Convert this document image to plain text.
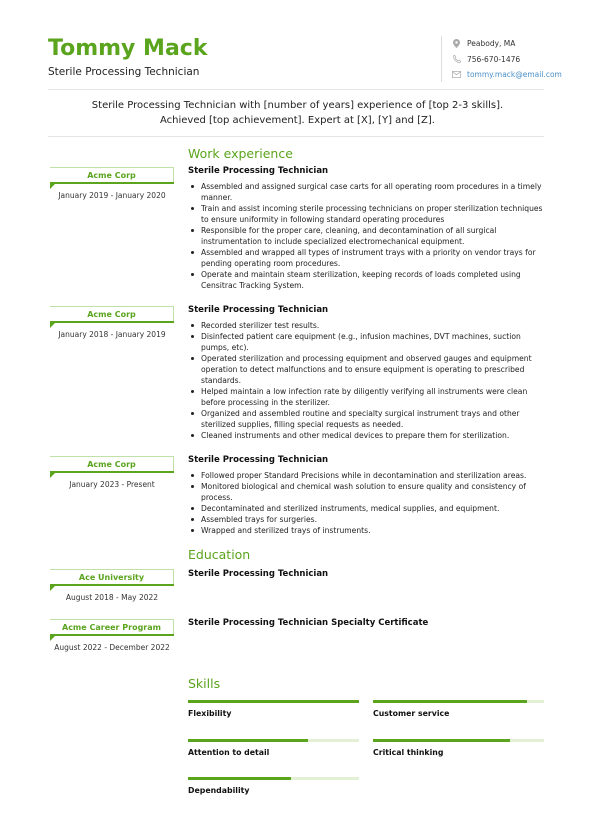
Tommy Mack
Sterile Processing Technician
Peabody, MA
756-670-1476
tommy.mack@email.com
Sterile Processing Technician with [number of years] experience of [top 2-3 skills]. Achieved [top achievement]. Expert at [X], [Y] and [Z].
Work experience
Acme Corp
January 2019 - January 2020
Sterile Processing Technician
Assembled and assigned surgical case carts for all operating room procedures in a timely manner.
Train and assist incoming sterile processing technicians on proper sterilization techniques to ensure uniformity in following standard operating procedures
Responsible for the proper care, cleaning, and decontamination of all surgical instrumentation to include specialized electromechanical equipment.
Assembled and wrapped all types of instrument trays with a priority on vendor trays for pending operating room procedures.
Operate and maintain steam sterilization, keeping records of loads completed using Censitrac Tracking System.
Acme Corp
January 2018 - January 2019
Sterile Processing Technician
Recorded sterilizer test results.
Disinfected patient care equipment (e.g., infusion machines, DVT machines, suction pumps, etc).
Operated sterilization and processing equipment and observed gauges and equipment operation to detect malfunctions and to ensure equipment is operating to prescribed standards.
Helped maintain a low infection rate by diligently verifying all instruments were clean before processing in the sterilizer.
Organized and assembled routine and specialty surgical instrument trays and other sterilized supplies, filling special requests as needed.
Cleaned instruments and other medical devices to prepare them for sterilization.
Acme Corp
January 2023 - Present
Sterile Processing Technician
Followed proper Standard Precisions while in decontamination and sterilization areas.
Monitored biological and chemical wash solution to ensure quality and consistency of process.
Decontaminated and sterilized instruments, medical supplies, and equipment.
Assembled trays for surgeries.
Wrapped and sterilized trays of instruments.
Education
Ace University
August 2018 - May 2022
Sterile Processing Technician
Acme Career Program
August 2022 - December 2022
Sterile Processing Technician Specialty Certificate
Skills
Flexibility	Customer service
Attention to detail	Critical thinking
Dependability
